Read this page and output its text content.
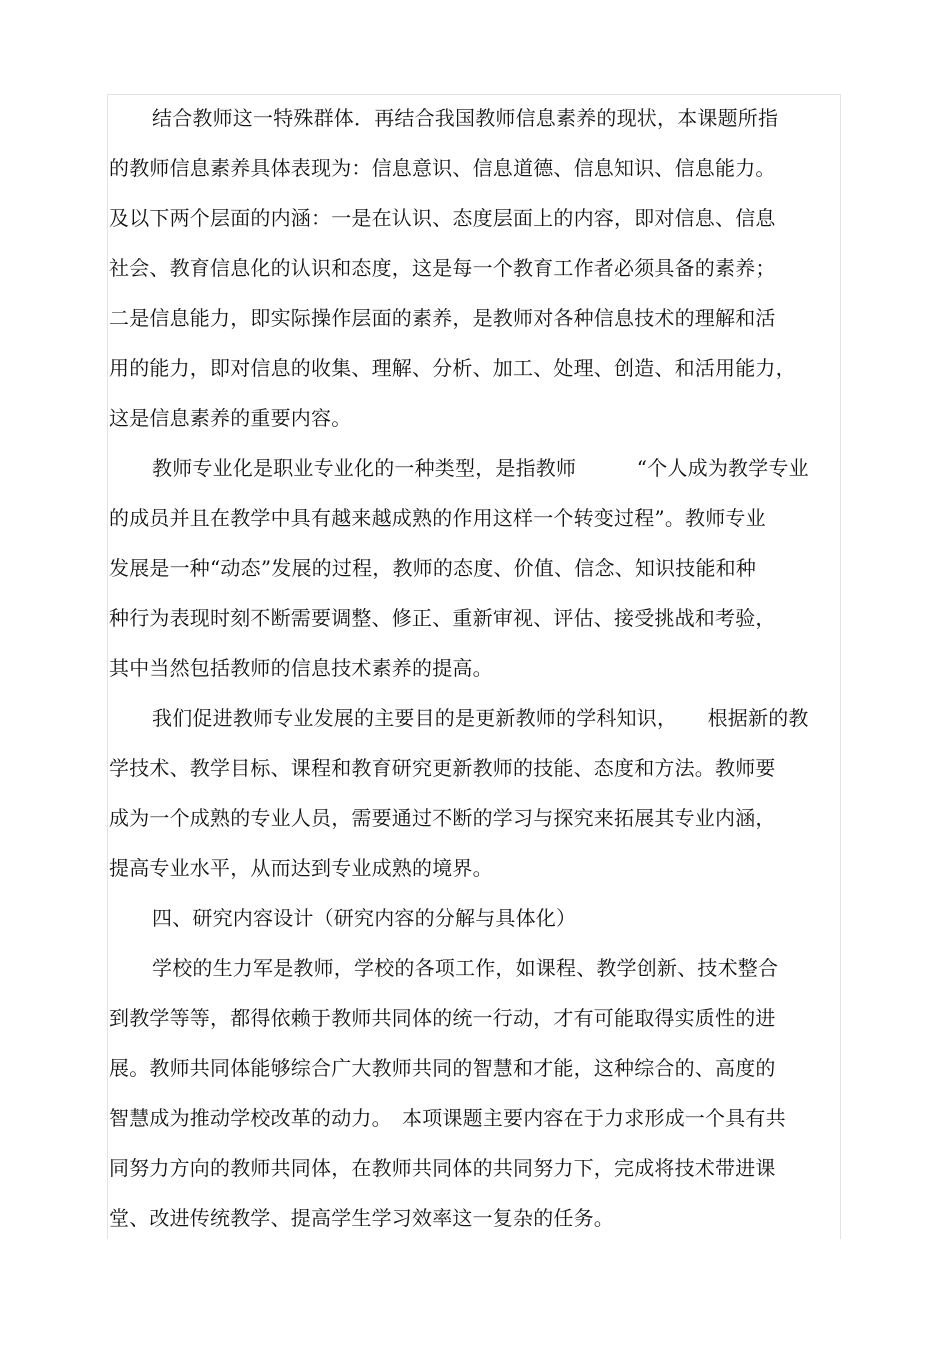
结合教师这一特殊群体．再结合我国教师信息素养的现状，本课题所指
的教师信息素养具体表现为：信息意识、信息道德、信息知识、信息能力。
及以下两个层面的内涵：一是在认识、态度层面上的内容，即对信息、信息
社会、教育信息化的认识和态度，这是每一个教育工作者必须具备的素养；
二是信息能力，即实际操作层面的素养，是教师对各种信息技术的理解和活
用的能力，即对信息的收集、理解、分析、加工、处理、创造、和活用能力，
这是信息素养的重要内容。
教师专业化是职业专业化的一种类型，是指教师　　　“个人成为教学专业
的成员并且在教学中具有越来越成熟的作用这样一个转变过程”。教师专业
发展是一种“动态”发展的过程，教师的态度、价值、信念、知识技能和种
种行为表现时刻不断需要调整、修正、重新审视、评估、接受挑战和考验，
其中当然包括教师的信息技术素养的提高。
我们促进教师专业发展的主要目的是更新教师的学科知识，　　根据新的教
学技术、教学目标、课程和教育研究更新教师的技能、态度和方法。教师要
成为一个成熟的专业人员，需要通过不断的学习与探究来拓展其专业内涵，
提高专业水平，从而达到专业成熟的境界。
四、研究内容设计（研究内容的分解与具体化）
学校的生力军是教师，学校的各项工作，如课程、教学创新、技术整合
到教学等等，都得依赖于教师共同体的统一行动，才有可能取得实质性的进
展。教师共同体能够综合广大教师共同的智慧和才能，这种综合的、高度的
智慧成为推动学校改革的动力。　本项课题主要内容在于力求形成一个具有共
同努力方向的教师共同体，在教师共同体的共同努力下，完成将技术带进课
堂、改进传统教学、提高学生学习效率这一复杂的任务。
